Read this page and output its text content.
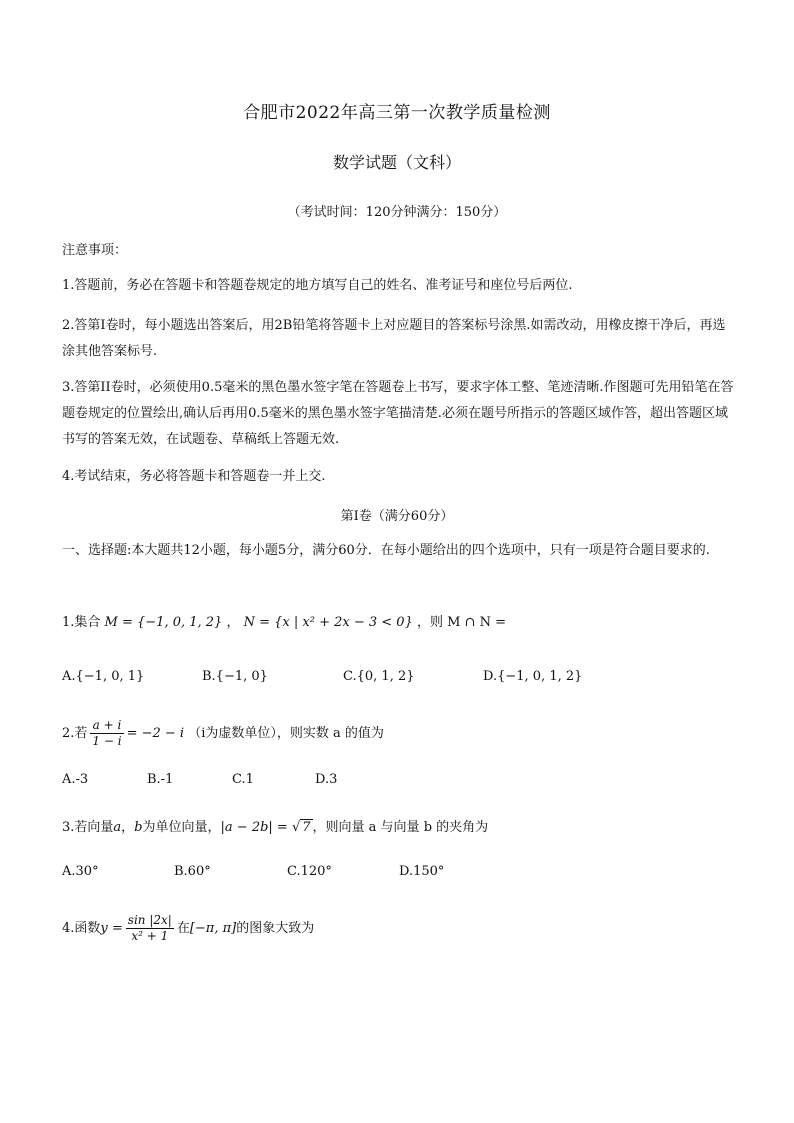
合肥市2022年高三第一次教学质量检测
数学试题（文科）
（考试时间：120分钟满分：150分）
注意事项：
1.答题前，务必在答题卡和答题卷规定的地方填写自己的姓名、准考证号和座位号后两位.
2.答第I卷时，每小题选出答案后，用2B铅笔将答题卡上对应题目的答案标号涂黑.如需改动，用橡皮擦干净后，再选涂其他答案标号.
3.答第II卷时，必须使用0.5毫米的黑色墨水签字笔在答题卷上书写，要求字体工整、笔迹清晰.作图题可先用铅笔在答题卷规定的位置绘出,确认后再用0.5毫米的黑色墨水签字笔描清楚.必须在题号所指示的答题区域作答，超出答题区域书写的答案无效，在试题卷、草稿纸上答题无效.
4.考试结束，务必将答题卡和答题卷一并上交.
第I卷（满分60分）
一、选择题:本大题共12小题，每小题5分，满分60分．在每小题给出的四个选项中，只有一项是符合题目要求的.
1.集合 M = {−1, 0, 1, 2} ， N = {x | x² + 2x − 3 < 0} ，则 M ∩ N =
A.{−1, 0, 1}	B.{−1, 0}	C.{0, 1, 2}	D.{−1, 0, 1, 2}
2.若 $\frac{a + i}{1 - i} = -2 - i$ （i为虚数单位），则实数 a 的值为
A.-3	B.-1	C.1	D.3
3.若向量a，b为单位向量，|a − 2b| = √ 7 ，则向量 a 与向量 b 的夹角为
A.30°	B.60°	C.120°	D.150°
4.函数$y = \frac{\sin |2x|}{\text{x² + 1}}$ 在[−π, π]的图象大致为
